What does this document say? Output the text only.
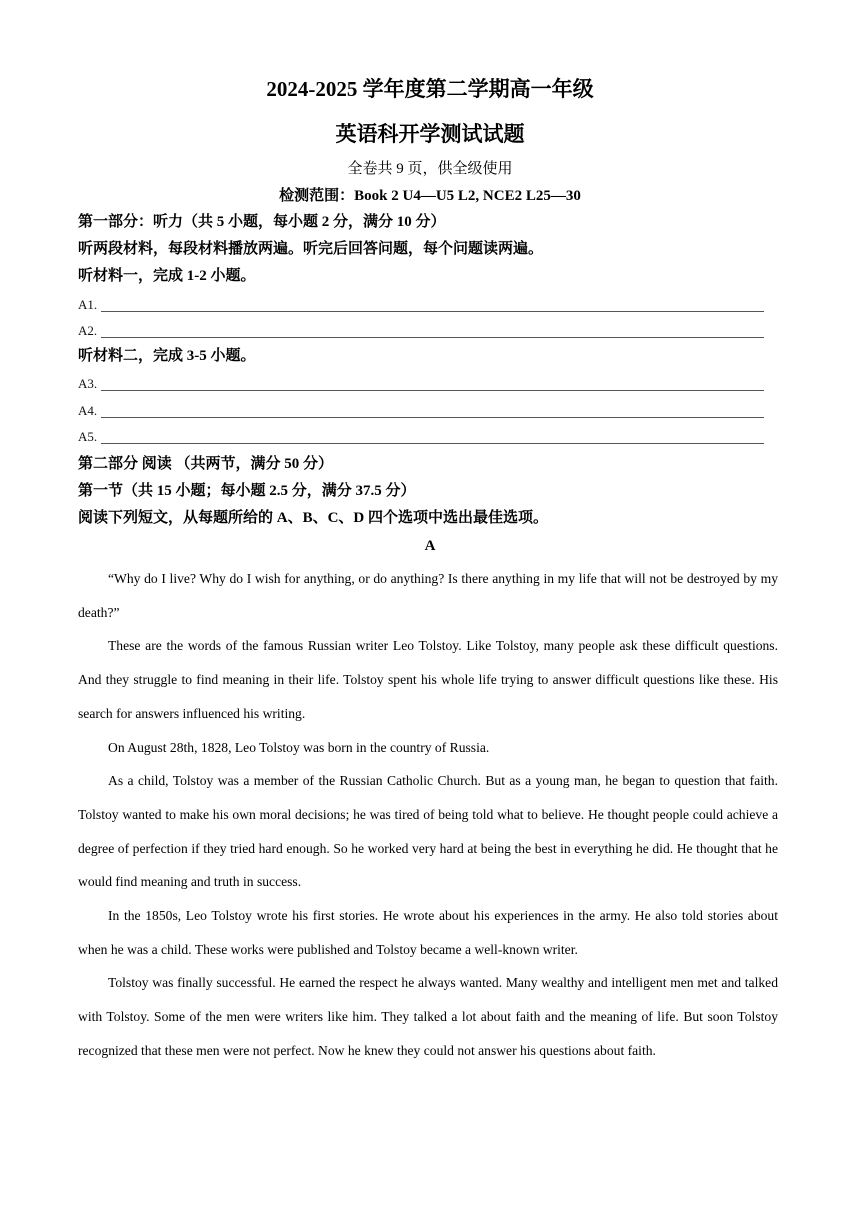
2024-2025 学年度第二学期高一年级
英语科开学测试试题
全卷共 9 页，供全级使用
检测范围：Book 2 U4—U5 L2, NCE2 L25—30
第一部分：听力（共 5 小题，每小题 2 分，满分 10 分）
听两段材料，每段材料播放两遍。听完后回答问题，每个问题读两遍。
听材料一，完成 1-2 小题。
A1.
A2.
听材料二，完成 3-5 小题。
A3.
A4.
A5.
第二部分 阅读 （共两节，满分 50 分）
第一节（共 15 小题；每小题 2.5 分，满分 37.5 分）
阅读下列短文，从每题所给的 A、B、C、D 四个选项中选出最佳选项。
A

“Why do I live? Why do I wish for anything, or do anything? Is there anything in my life that will not be destroyed by my death?”

These are the words of the famous Russian writer Leo Tolstoy. Like Tolstoy, many people ask these difficult questions. And they struggle to find meaning in their life. Tolstoy spent his whole life trying to answer difficult questions like these. His search for answers influenced his writing.

On August 28th, 1828, Leo Tolstoy was born in the country of Russia.

As a child, Tolstoy was a member of the Russian Catholic Church. But as a young man, he began to question that faith. Tolstoy wanted to make his own moral decisions; he was tired of being told what to believe. He thought people could achieve a degree of perfection if they tried hard enough. So he worked very hard at being the best in everything he did. He thought that he would find meaning and truth in success.

In the 1850s, Leo Tolstoy wrote his first stories. He wrote about his experiences in the army. He also told stories about when he was a child. These works were published and Tolstoy became a well-known writer.

Tolstoy was finally successful. He earned the respect he always wanted. Many wealthy and intelligent men met and talked with Tolstoy. Some of the men were writers like him. They talked a lot about faith and the meaning of life. But soon Tolstoy recognized that these men were not perfect. Now he knew they could not answer his questions about faith.
